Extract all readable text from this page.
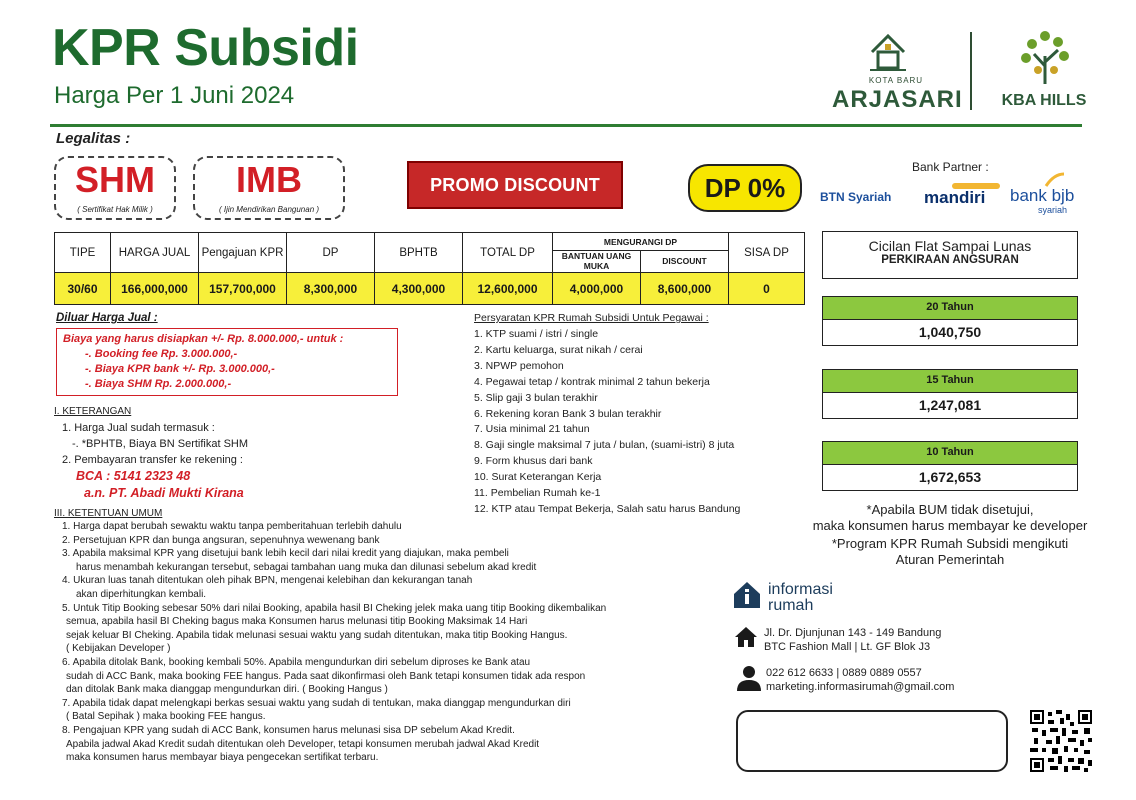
KPR Subsidi
Harga Per 1 Juni 2024
KOTA BARU
ARJASARI KBA HILLS
Legalitas :
SHM
( Sertifikat Hak Milik )
IMB
( Ijin Mendirikan Bangunan )
PROMO DISCOUNT	DP 0%
Bank Partner :
BTN Syariah mandiri bank bjb
syariah
TIPE	HARGA JUAL	Pengajuan KPR	DP	BPHTB	TOTAL DP	MENGURANGI DP		SISA DP
						BANTUAN UANG MUKA	DISCOUNT	
30/60	166,000,000	157,700,000	8,300,000	4,300,000	12,600,000	4,000,000	8,600,000	0
Diluar Harga Jual :
Biaya yang harus disiapkan +/- Rp. 8.000.000,- untuk :
-. Booking fee Rp. 3.000.000,-
-. Biaya KPR bank +/- Rp. 3.000.000,-
-. Biaya SHM Rp. 2.000.000,-
I. KETERANGAN
1. Harga Jual sudah termasuk :
-. *BPHTB, Biaya BN Sertifikat SHM
2. Pembayaran transfer ke rekening :
BCA : 5141 2323 48
a.n. PT. Abadi Mukti Kirana
III. KETENTUAN UMUM
1. Harga dapat berubah sewaktu waktu tanpa pemberitahuan terlebih dahulu
2. Persetujuan KPR dan bunga angsuran, sepenuhnya wewenang bank
3. Apabila maksimal KPR yang disetujui bank lebih kecil dari nilai kredit yang diajukan, maka pembeli
harus menambah kekurangan tersebut, sebagai tambahan uang muka dan dilunasi sebelum akad kredit
4. Ukuran luas tanah ditentukan oleh pihak BPN, mengenai kelebihan dan kekurangan tanah
akan diperhitungkan kembali.
5. Untuk Titip Booking sebesar 50% dari nilai Booking, apabila hasil BI Cheking jelek maka uang titip Booking dikembalikan
semua, apabila hasil BI Cheking bagus maka Konsumen harus melunasi titip Booking Maksimak 14 Hari
sejak keluar BI Cheking. Apabila tidak melunasi sesuai waktu yang sudah ditentukan, maka titip Booking Hangus.
( Kebijakan Developer )
6. Apabila ditolak Bank, booking kembali 50%. Apabila mengundurkan diri sebelum diproses ke Bank atau
sudah di ACC Bank, maka booking FEE hangus. Pada saat dikonfirmasi oleh Bank tetapi konsumen tidak ada respon
dan ditolak Bank maka dianggap mengundurkan diri. ( Booking Hangus )
7. Apabila tidak dapat melengkapi berkas sesuai waktu yang sudah di tentukan, maka dianggap mengundurkan diri
( Batal Sepihak ) maka booking FEE hangus.
8. Pengajuan KPR yang sudah di ACC Bank, konsumen harus melunasi sisa DP sebelum Akad Kredit.
Apabila jadwal Akad Kredit sudah ditentukan oleh Developer, tetapi konsumen merubah jadwal Akad Kredit
maka konsumen harus membayar biaya pengecekan sertifikat terbaru.
Persyaratan KPR Rumah Subsidi Untuk Pegawai :
1. KTP suami / istri / single
2. Kartu keluarga, surat nikah / cerai
3. NPWP pemohon
4. Pegawai tetap / kontrak minimal 2 tahun bekerja
5. Slip gaji 3 bulan terakhir
6. Rekening koran Bank 3 bulan terakhir
7. Usia minimal 21 tahun
8. Gaji single maksimal 7 juta / bulan, (suami-istri) 8 juta
9. Form khusus dari bank
10. Surat Keterangan Kerja
11. Pembelian Rumah ke-1
12. KTP atau Tempat Bekerja, Salah satu harus Bandung
Cicilan Flat Sampai Lunas
PERKIRAAN ANGSURAN
20 Tahun
1,040,750
15 Tahun
1,247,081
10 Tahun
1,672,653
*Apabila BUM tidak disetujui,
maka konsumen harus membayar ke developer
*Program KPR Rumah Subsidi mengikuti
Aturan Pemerintah
informasi
rumah
Jl. Dr. Djunjunan 143 - 149 Bandung
BTC Fashion Mall | Lt. GF Blok J3
022 612 6633 | 0889 0889 0557
marketing.informasirumah@gmail.com
